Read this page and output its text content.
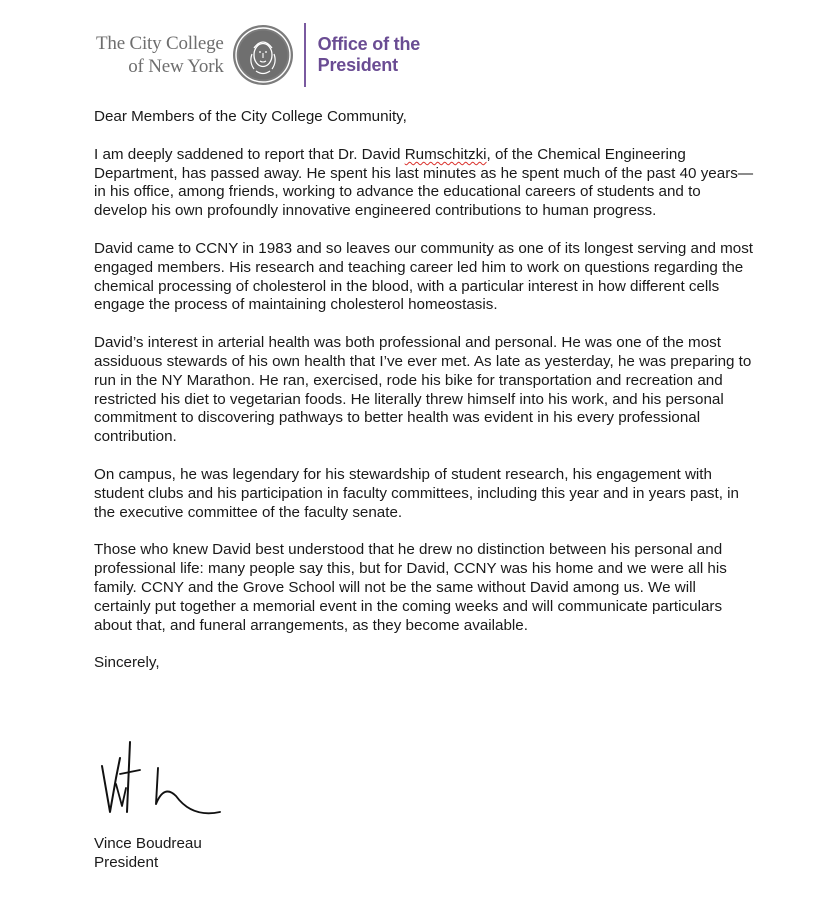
The City College
of New York
Office of the
President

Dear Members of the City College Community,

I am deeply saddened to report that Dr. David Rumschitzki, of the Chemical Engineering Department, has passed away. He spent his last minutes as he spent much of the past 40 years—in his office, among friends, working to advance the educational careers of students and to develop his own profoundly innovative engineered contributions to human progress.

David came to CCNY in 1983 and so leaves our community as one of its longest serving and most engaged members. His research and teaching career led him to work on questions regarding the chemical processing of cholesterol in the blood, with a particular interest in how different cells engage the process of maintaining cholesterol homeostasis.

David’s interest in arterial health was both professional and personal. He was one of the most assiduous stewards of his own health that I’ve ever met. As late as yesterday, he was preparing to run in the NY Marathon. He ran, exercised, rode his bike for transportation and recreation and restricted his diet to vegetarian foods. He literally threw himself into his work, and his personal commitment to discovering pathways to better health was evident in his every professional contribution.

On campus, he was legendary for his stewardship of student research, his engagement with student clubs and his participation in faculty committees, including this year and in years past, in the executive committee of the faculty senate.

Those who knew David best understood that he drew no distinction between his personal and professional life: many people say this, but for David, CCNY was his home and we were all his family. CCNY and the Grove School will not be the same without David among us. We will certainly put together a memorial event in the coming weeks and will communicate particulars about that, and funeral arrangements, as they become available.

Sincerely,

Vince Boudreau

President
